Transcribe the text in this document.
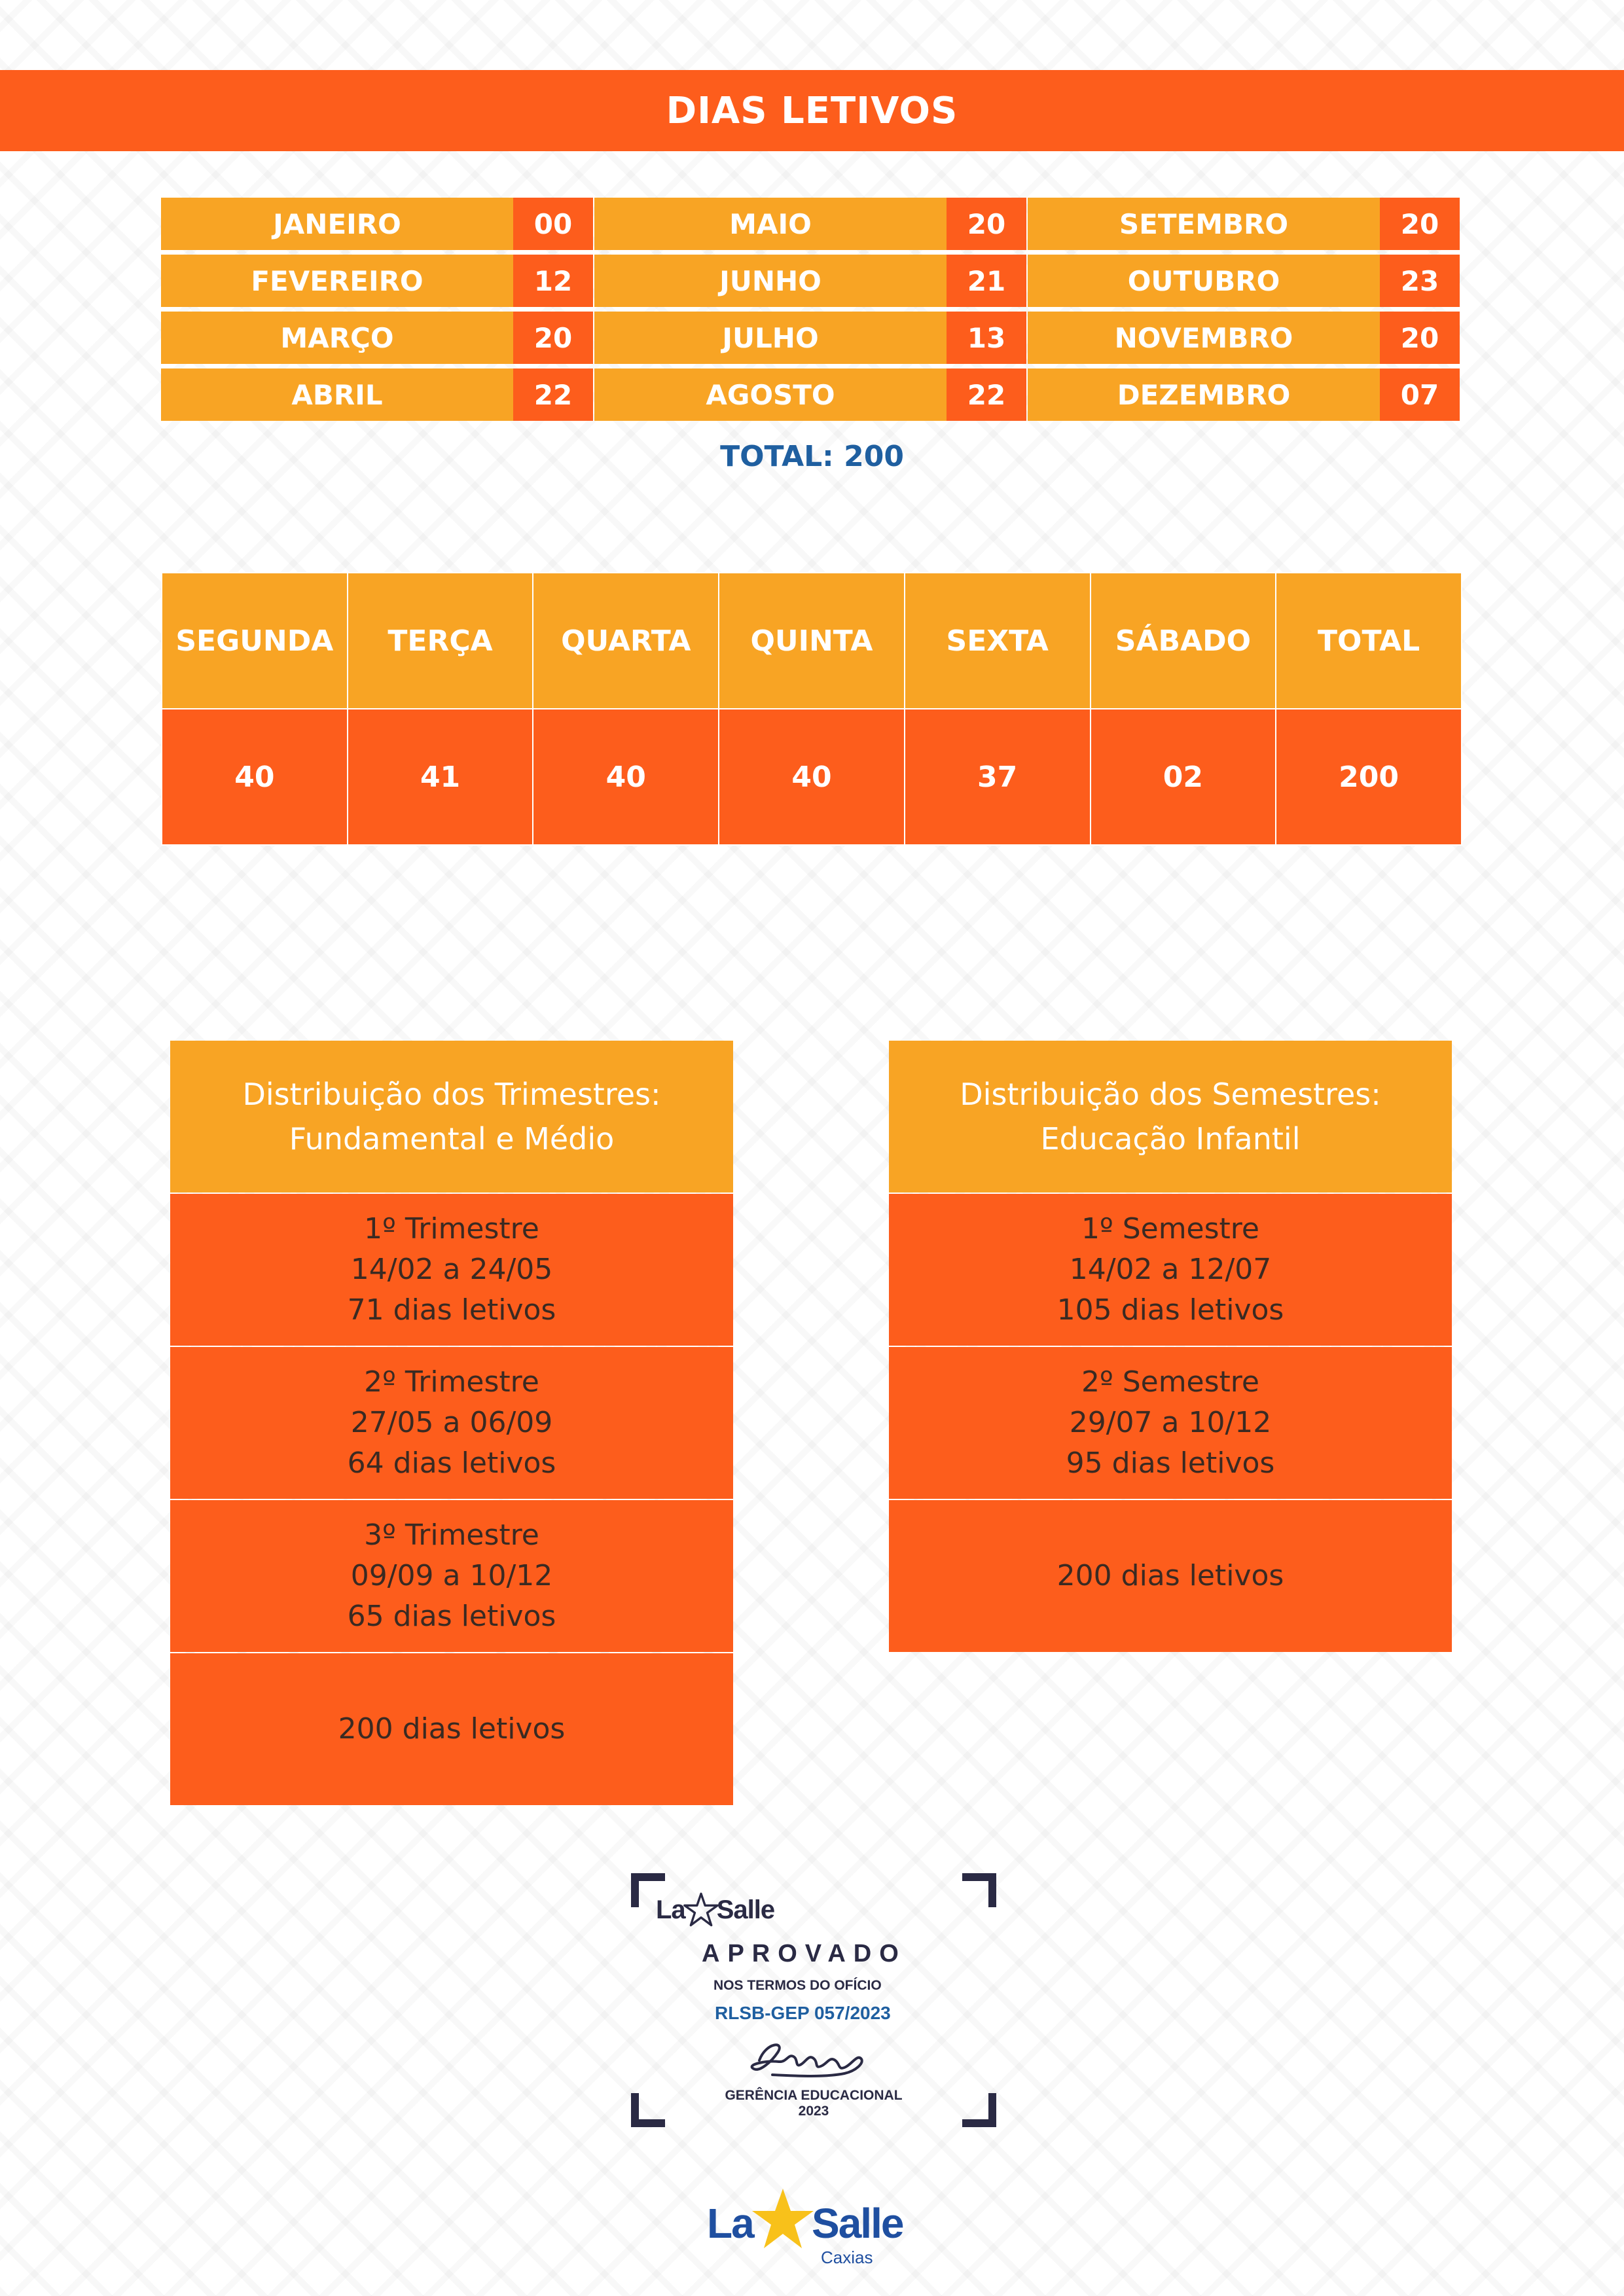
DIAS LETIVOS
JANEIRO	00	MAIO	20	SETEMBRO	20
FEVEREIRO	12	JUNHO	21	OUTUBRO	23
MARÇO	20	JULHO	13	NOVEMBRO	20
ABRIL	22	AGOSTO	22	DEZEMBRO	07
TOTAL: 200
SEGUNDA	TERÇA	QUARTA	QUINTA	SEXTA	SÁBADO	TOTAL
40	41	40	40	37	02	200
Distribuição dos Trimestres:
Fundamental e Médio
1º Trimestre
14/02 a 24/05
71 dias letivos
2º Trimestre
27/05 a 06/09
64 dias letivos
3º Trimestre
09/09 a 10/12
65 dias letivos
200 dias letivos
Distribuição dos Semestres:
Educação Infantil
1º Semestre
14/02 a 12/07
105 dias letivos
2º Semestre
29/07 a 10/12
95 dias letivos
200 dias letivos
La Salle
APROVADO
NOS TERMOS DO OFÍCIO
RLSB-GEP 057/2023
GERÊNCIA EDUCACIONAL
2023
La Salle
Caxias
